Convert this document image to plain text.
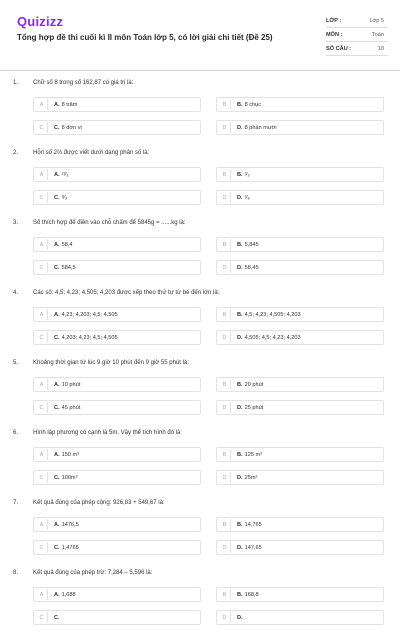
Quizizz
Tổng hợp đề thi cuối kì II môn Toán lớp 5, có lời giải chi tiết (Đề 25)
LỚP :	Lớp 5
MÔN :	Toán
SỐ CÂU :	10
1. Chữ số 8 trong số 162,87 có giá trị là:
A	A. 8 trăm	B	B. 8 chục
C	C. 8 đơn vị	D	D. 8 phần mười
2. Hỗn số 2⅔ được viết dưới dạng phân số là:
A	A. ¹³⁄₃	B	B. ²⁄₃
C	C. ⁸⁄₃	D	D. ²⁄₈
3. Số thích hợp để điền vào chỗ chấm để 5845g = ......kg là:
A	A. 58,4	B	B. 5,845
C	C. 584,5	D	D. 58,45
4. Các số: 4,5; 4,23; 4,505; 4,203 được xếp theo thứ tự từ bé đến lớn là:
A	A. 4,23; 4,203; 4,5; 4,505	B	B. 4,5; 4,23; 4,505; 4,203
C	C. 4,203; 4,23; 4,5; 4,505	D	D. 4,505; 4,5; 4,23; 4,203
5. Khoảng thời gian từ lúc 9 giờ 10 phút đến 9 giờ 55 phút là:
A	A. 10 phút	B	B. 20 phút
C	C. 45 phút	D	D. 25 phút
6. Hình lập phương có cạnh là 5m. Vậy thể tích hình đó là:
A	A. 150 m³	B	B. 125 m³
C	C. 100m³	D	D. 25m³
7. Kết quả đúng của phép cộng: 926,83 + 549,67 là:
A	A. 1476,5	B	B. 14,765
C	C. 1,4765	D	D. 147,65
8. Kết quả đúng của phép trừ: 7,284 – 5,596 là:
A	A. 1,688	B	B. 168,8
C	C.	D	D.
